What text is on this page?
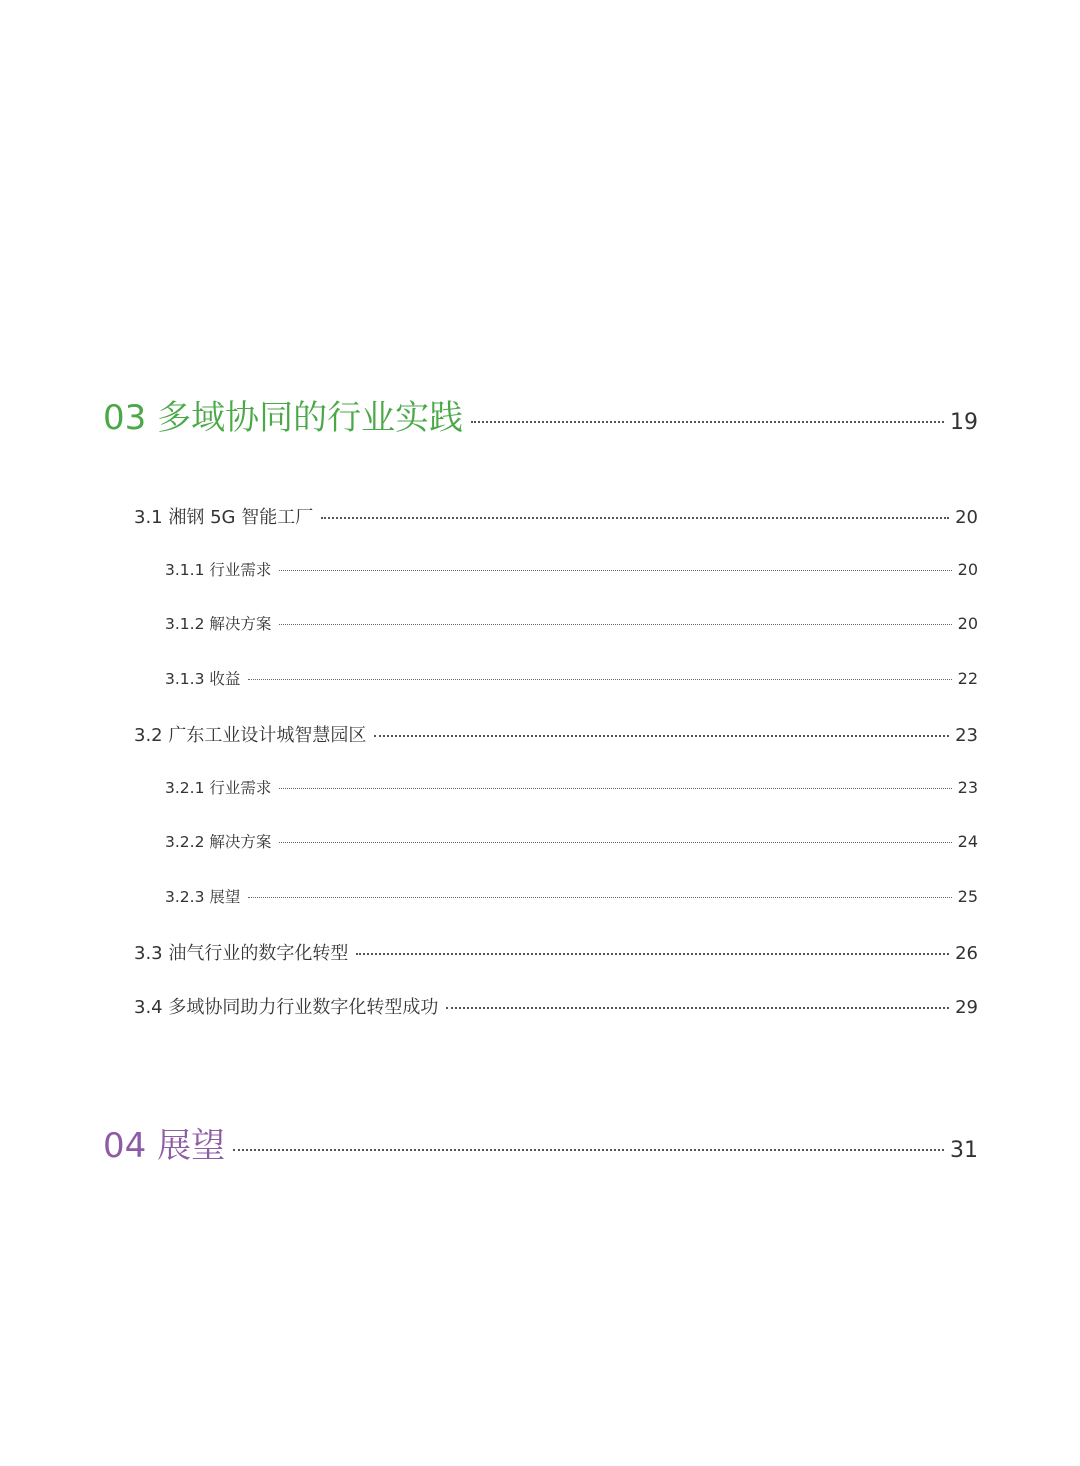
03 多域协同的行业实践	19
3.1 湘钢 5G 智能工厂	20
3.1.1 行业需求	20
3.1.2 解决方案	20
3.1.3 收益	22
3.2 广东工业设计城智慧园区	23
3.2.1 行业需求	23
3.2.2 解决方案	24
3.2.3 展望	25
3.3 油气行业的数字化转型	26
3.4 多域协同助力行业数字化转型成功	29
04 展望	31
